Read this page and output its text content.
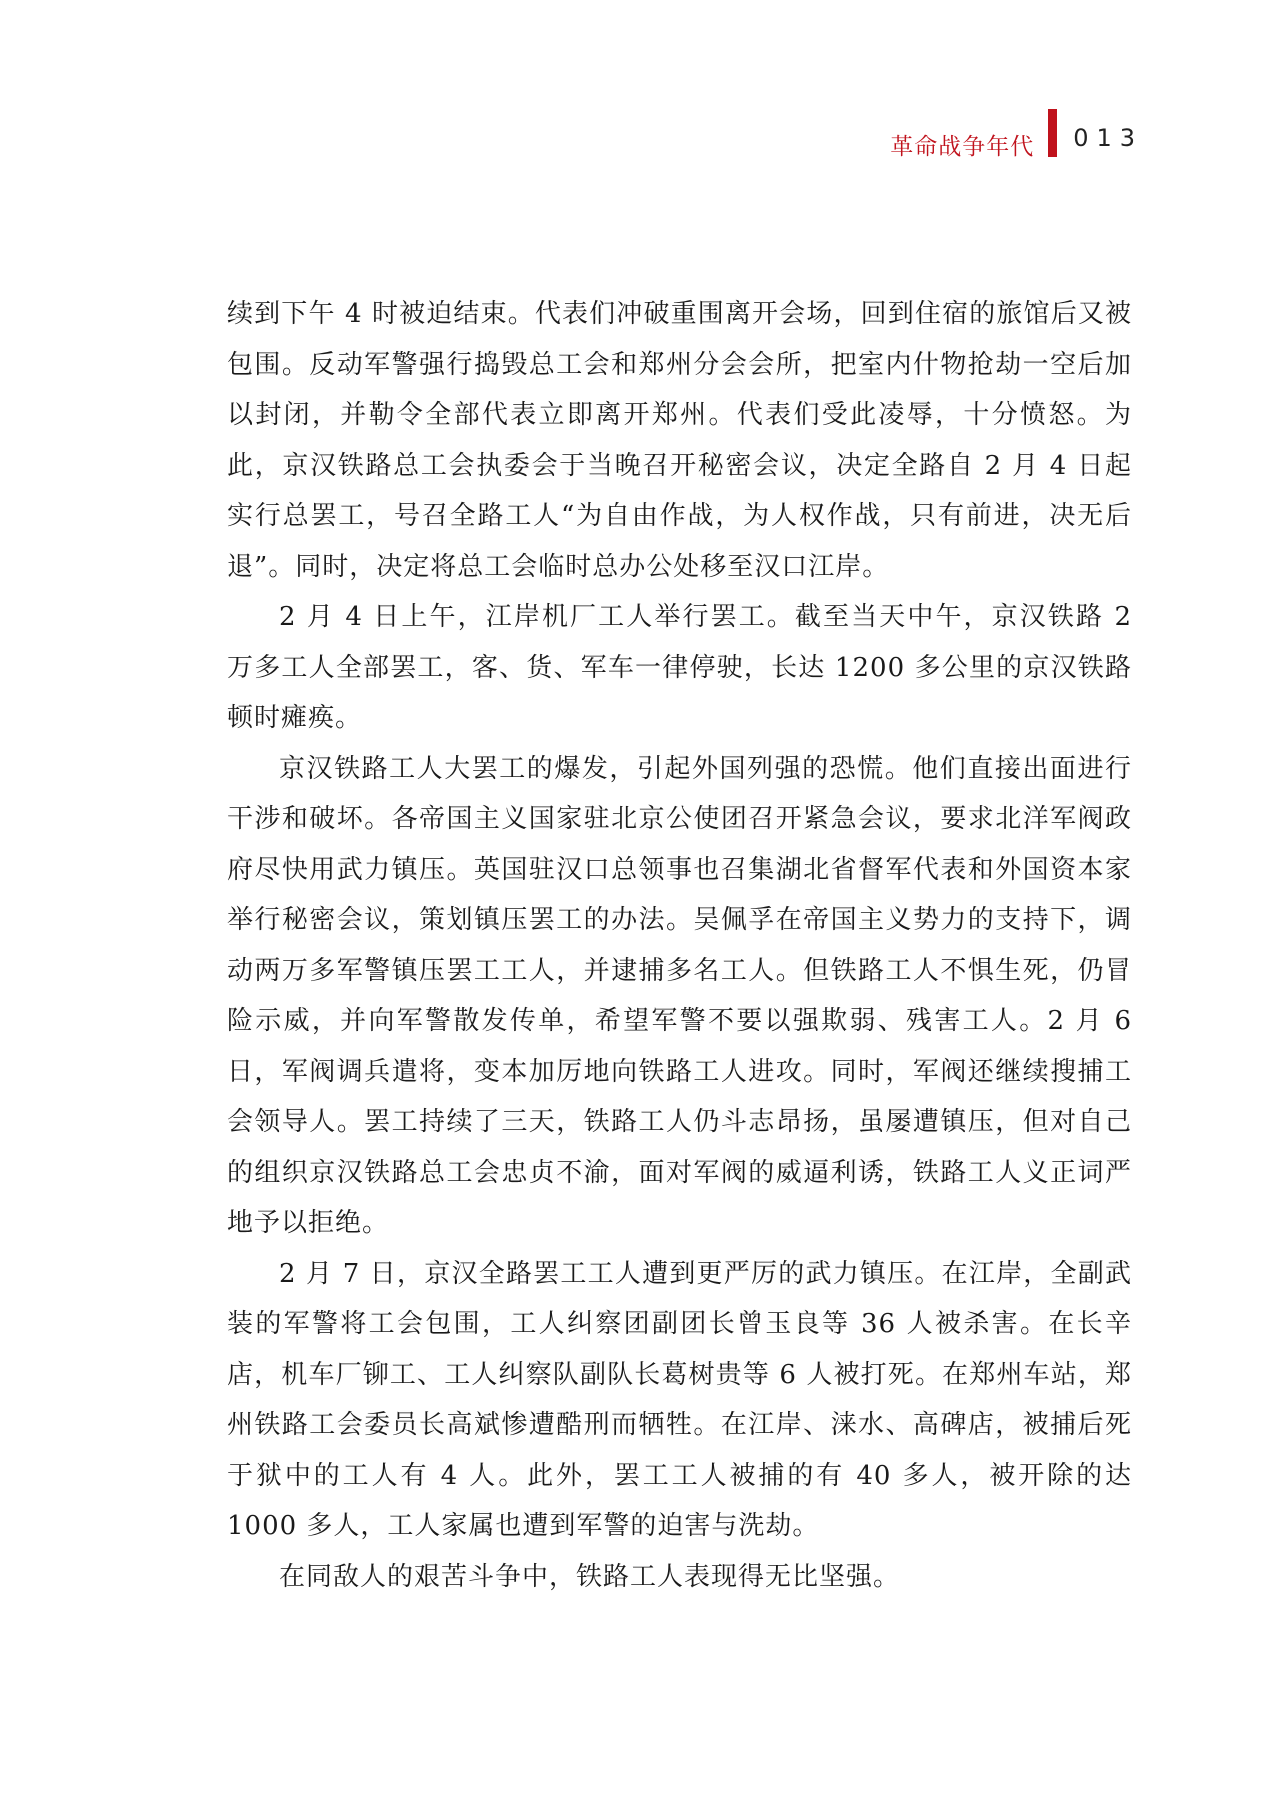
革命战争年代 013

续到下午 4 时被迫结束。代表们冲破重围离开会场，回到住宿的旅馆后又被包围。反动军警强行捣毁总工会和郑州分会会所，把室内什物抢劫一空后加以封闭，并勒令全部代表立即离开郑州。代表们受此凌辱，十分愤怒。为此，京汉铁路总工会执委会于当晚召开秘密会议，决定全路自 2 月 4 日起实行总罢工，号召全路工人“为自由作战，为人权作战，只有前进，决无后退”。同时，决定将总工会临时总办公处移至汉口江岸。

2 月 4 日上午，江岸机厂工人举行罢工。截至当天中午，京汉铁路 2 万多工人全部罢工，客、货、军车一律停驶，长达 1200 多公里的京汉铁路顿时瘫痪。

京汉铁路工人大罢工的爆发，引起外国列强的恐慌。他们直接出面进行干涉和破坏。各帝国主义国家驻北京公使团召开紧急会议，要求北洋军阀政府尽快用武力镇压。英国驻汉口总领事也召集湖北省督军代表和外国资本家举行秘密会议，策划镇压罢工的办法。吴佩孚在帝国主义势力的支持下，调动两万多军警镇压罢工工人，并逮捕多名工人。但铁路工人不惧生死，仍冒险示威，并向军警散发传单，希望军警不要以强欺弱、残害工人。2 月 6 日，军阀调兵遣将，变本加厉地向铁路工人进攻。同时，军阀还继续搜捕工会领导人。罢工持续了三天，铁路工人仍斗志昂扬，虽屡遭镇压，但对自己的组织京汉铁路总工会忠贞不渝，面对军阀的威逼利诱，铁路工人义正词严地予以拒绝。

2 月 7 日，京汉全路罢工工人遭到更严厉的武力镇压。在江岸，全副武装的军警将工会包围，工人纠察团副团长曾玉良等 36 人被杀害。在长辛店，机车厂铆工、工人纠察队副队长葛树贵等 6 人被打死。在郑州车站，郑州铁路工会委员长高斌惨遭酷刑而牺牲。在江岸、涞水、高碑店，被捕后死于狱中的工人有 4 人。此外，罢工工人被捕的有 40 多人，被开除的达 1000 多人，工人家属也遭到军警的迫害与洗劫。

在同敌人的艰苦斗争中，铁路工人表现得无比坚强。
